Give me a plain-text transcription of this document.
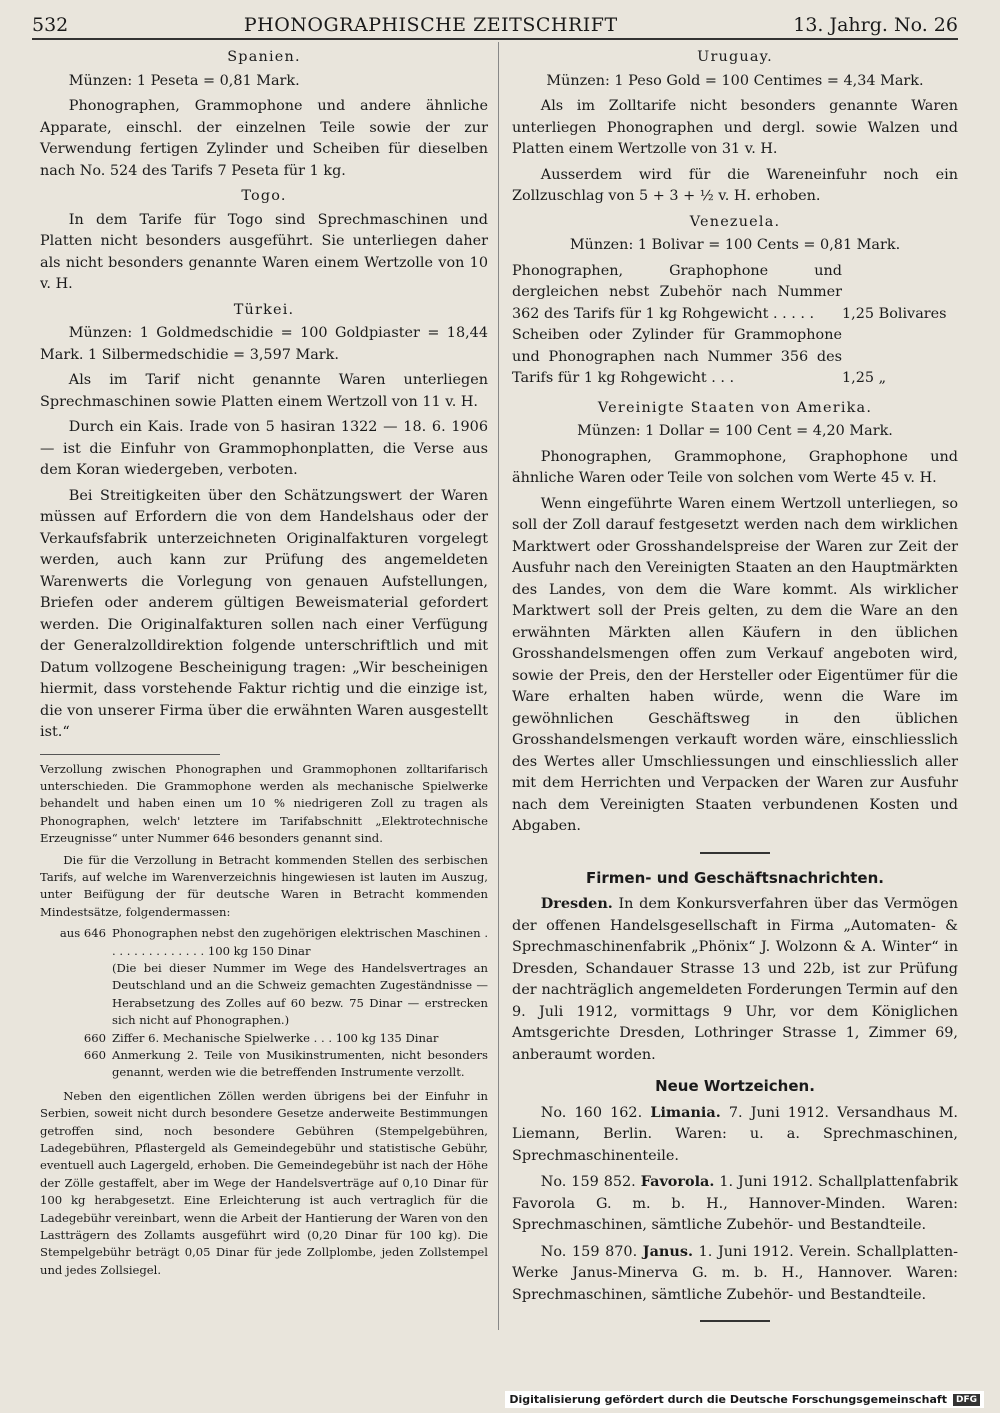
532	PHONOGRAPHISCHE ZEITSCHRIFT	13. Jahrg. No. 26
Spanien.
Münzen: 1 Peseta = 0,81 Mark.
Phonographen, Grammophone und andere ähnliche Apparate, einschl. der einzelnen Teile sowie der zur Verwendung fertigen Zylinder und Scheiben für dieselben nach No. 524 des Tarifs 7 Peseta für 1 kg.
Togo.
In dem Tarife für Togo sind Sprechmaschinen und Platten nicht besonders ausgeführt. Sie unterliegen daher als nicht besonders genannte Waren einem Wertzolle von 10 v. H.
Türkei.
Münzen: 1 Goldmedschidie = 100 Goldpiaster = 18,44 Mark. 1 Silbermedschidie = 3,597 Mark.
Als im Tarif nicht genannte Waren unterliegen Sprechmaschinen sowie Platten einem Wertzoll von 11 v. H.
Durch ein Kais. Irade von 5 hasiran 1322 — 18. 6. 1906 — ist die Einfuhr von Grammophonplatten, die Verse aus dem Koran wiedergeben, verboten.
Bei Streitigkeiten über den Schätzungswert der Waren müssen auf Erfordern die von dem Handelshaus oder der Verkaufsfabrik unterzeichneten Originalfakturen vorgelegt werden, auch kann zur Prüfung des angemeldeten Warenwerts die Vorlegung von genauen Aufstellungen, Briefen oder anderem gültigen Beweismaterial gefordert werden. Die Originalfakturen sollen nach einer Verfügung der Generalzolldirektion folgende unterschriftlich und mit Datum vollzogene Bescheinigung tragen: „Wir bescheinigen hiermit, dass vorstehende Faktur richtig und die einzige ist, die von unserer Firma über die erwähnten Waren ausgestellt ist.“
Verzollung zwischen Phonographen und Grammophonen zolltarifarisch unterschieden. Die Grammophone werden als mechanische Spielwerke behandelt und haben einen um 10 % niedrigeren Zoll zu tragen als Phonographen, welch' letztere im Tarifabschnitt „Elektrotechnische Erzeugnisse“ unter Nummer 646 besonders genannt sind.
Die für die Verzollung in Betracht kommenden Stellen des serbischen Tarifs, auf welche im Warenverzeichnis hingewiesen ist lauten im Auszug, unter Beifügung der für deutsche Waren in Betracht kommenden Mindestsätze, folgendermassen:
aus 646 Phonographen nebst den zugehörigen elektrischen Maschinen . . . . . . . . . . . . . . 100 kg 150 Dinar
(Die bei dieser Nummer im Wege des Handelsvertrages an Deutschland und an die Schweiz gemachten Zugeständnisse — Herabsetzung des Zolles auf 60 bezw. 75 Dinar — erstrecken sich nicht auf Phonographen.)
660 Ziffer 6. Mechanische Spielwerke . . . 100 kg 135 Dinar
660 Anmerkung 2. Teile von Musikinstrumenten, nicht besonders genannt, werden wie die betreffenden Instrumente verzollt.
Neben den eigentlichen Zöllen werden übrigens bei der Einfuhr in Serbien, soweit nicht durch besondere Gesetze anderweite Bestimmungen getroffen sind, noch besondere Gebühren (Stempelgebühren, Ladegebühren, Pflastergeld als Gemeindegebühr und statistische Gebühr, eventuell auch Lagergeld, erhoben. Die Gemeindegebühr ist nach der Höhe der Zölle gestaffelt, aber im Wege der Handelsverträge auf 0,10 Dinar für 100 kg herabgesetzt. Eine Erleichterung ist auch vertraglich für die Ladegebühr vereinbart, wenn die Arbeit der Hantierung der Waren von den Lastträgern des Zollamts ausgeführt wird (0,20 Dinar für 100 kg). Die Stempelgebühr beträgt 0,05 Dinar für jede Zollplombe, jeden Zollstempel und jedes Zollsiegel.
Uruguay.
Münzen: 1 Peso Gold = 100 Centimes = 4,34 Mark.
Als im Zolltarife nicht besonders genannte Waren unterliegen Phonographen und dergl. sowie Walzen und Platten einem Wertzolle von 31 v. H.
Ausserdem wird für die Wareneinfuhr noch ein Zollzuschlag von 5 + 3 + ½ v. H. erhoben.
Venezuela.
Münzen: 1 Bolivar = 100 Cents = 0,81 Mark.
Phonographen, Graphophone und dergleichen nebst Zubehör nach Nummer 362 des Tarifs für 1 kg Rohgewicht . . . . .	1,25 Bolivares
Scheiben oder Zylinder für Grammophone und Phonographen nach Nummer 356 des Tarifs für 1 kg Rohgewicht . . .	1,25 „
Vereinigte Staaten von Amerika.
Münzen: 1 Dollar = 100 Cent = 4,20 Mark.
Phonographen, Grammophone, Graphophone und ähnliche Waren oder Teile von solchen vom Werte 45 v. H.
Wenn eingeführte Waren einem Wertzoll unterliegen, so soll der Zoll darauf festgesetzt werden nach dem wirklichen Marktwert oder Grosshandelspreise der Waren zur Zeit der Ausfuhr nach den Vereinigten Staaten an den Hauptmärkten des Landes, von dem die Ware kommt. Als wirklicher Marktwert soll der Preis gelten, zu dem die Ware an den erwähnten Märkten allen Käufern in den üblichen Grosshandelsmengen offen zum Verkauf angeboten wird, sowie der Preis, den der Hersteller oder Eigentümer für die Ware erhalten haben würde, wenn die Ware im gewöhnlichen Geschäftsweg in den üblichen Grosshandelsmengen verkauft worden wäre, einschliesslich des Wertes aller Umschliessungen und einschliesslich aller mit dem Herrichten und Verpacken der Waren zur Ausfuhr nach dem Vereinigten Staaten verbundenen Kosten und Abgaben.
Firmen- und Geschäftsnachrichten.
Dresden. In dem Konkursverfahren über das Vermögen der offenen Handelsgesellschaft in Firma „Automaten- & Sprechmaschinenfabrik „Phönix“ J. Wolzonn & A. Winter“ in Dresden, Schandauer Strasse 13 und 22b, ist zur Prüfung der nachträglich angemeldeten Forderungen Termin auf den 9. Juli 1912, vormittags 9 Uhr, vor dem Königlichen Amtsgerichte Dresden, Lothringer Strasse 1, Zimmer 69, anberaumt worden.
Neue Wortzeichen.
No. 160 162. Limania. 7. Juni 1912. Versandhaus M. Liemann, Berlin. Waren: u. a. Sprechmaschinen, Sprechmaschinenteile.
No. 159 852. Favorola. 1. Juni 1912. Schallplattenfabrik Favorola G. m. b. H., Hannover-Minden. Waren: Sprechmaschinen, sämtliche Zubehör- und Bestandteile.
No. 159 870. Janus. 1. Juni 1912. Verein. Schallplatten-Werke Janus-Minerva G. m. b. H., Hannover. Waren: Sprechmaschinen, sämtliche Zubehör- und Bestandteile.
Digitalisierung gefördert durch die Deutsche Forschungsgemeinschaft	DFG
